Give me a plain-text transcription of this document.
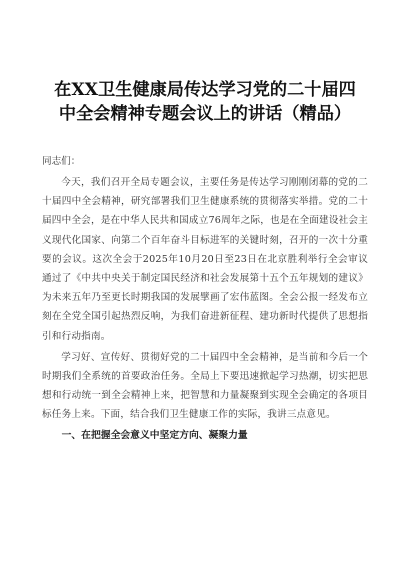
在XX卫生健康局传达学习党的二十届四中全会精神专题会议上的讲话（精品）

同志们：

今天，我们召开全局专题会议，主要任务是传达学习刚刚闭幕的党的二十届四中全会精神，研究部署我们卫生健康系统的贯彻落实举措。党的二十届四中全会，是在中华人民共和国成立76周年之际，也是在全面建设社会主义现代化国家、向第二个百年奋斗目标进军的关键时刻，召开的一次十分重要的会议。这次全会于2025年10月20日至23日在北京胜利举行全会审议通过了《中共中央关于制定国民经济和社会发展第十五个五年规划的建议》为未来五年乃至更长时期我国的发展擘画了宏伟蓝图。全会公报一经发布立刻在全党全国引起热烈反响，为我们奋进新征程、建功新时代提供了思想指引和行动指南。

学习好、宣传好、贯彻好党的二十届四中全会精神，是当前和今后一个时期我们全系统的首要政治任务。全局上下要迅速掀起学习热潮，切实把思想和行动统一到全会精神上来，把智慧和力量凝聚到实现全会确定的各项目标任务上来。下面，结合我们卫生健康工作的实际，我讲三点意见。

一、在把握全会意义中坚定方向、凝聚力量
